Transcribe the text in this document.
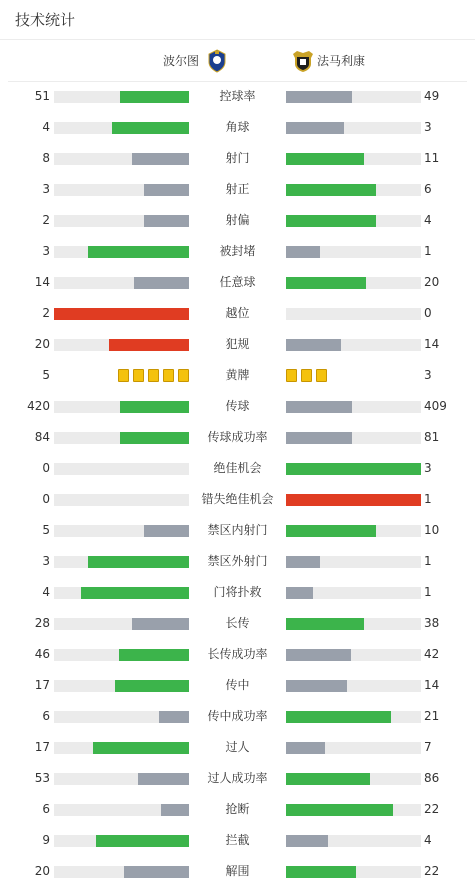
技术统计
波尔图	法马利康
51	控球率	49
4	角球	3
8	射门	11
3	射正	6
2	射偏	4
3	被封堵	1
14	任意球	20
2	越位	0
20	犯规	14
5	黄牌	3
420	传球	409
84	传球成功率	81
0	绝佳机会	3
0	错失绝佳机会	1
5	禁区内射门	10
3	禁区外射门	1
4	门将扑救	1
28	长传	38
46	长传成功率	42
17	传中	14
6	传中成功率	21
17	过人	7
53	过人成功率	86
6	抢断	22
9	拦截	4
20	解围	22
